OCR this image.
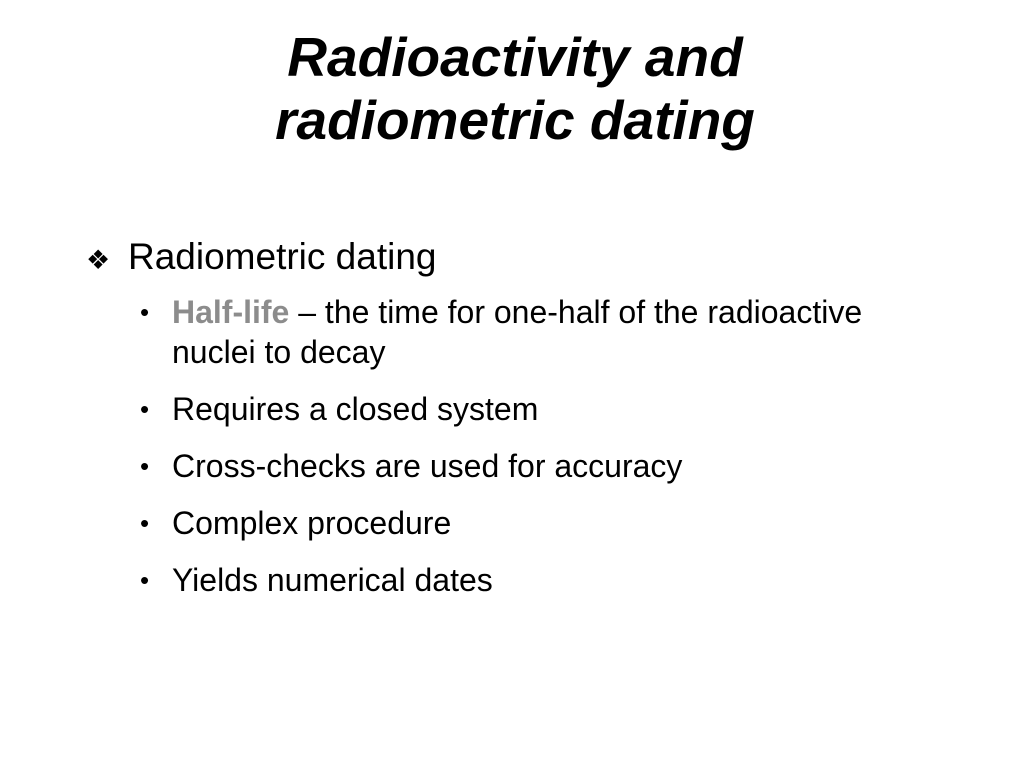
Radioactivity and
radiometric dating

❖ Radiometric dating

• Half-life – the time for one-half of the radioactive nuclei to decay
• Requires a closed system
• Cross-checks are used for accuracy
• Complex procedure
• Yields numerical dates
